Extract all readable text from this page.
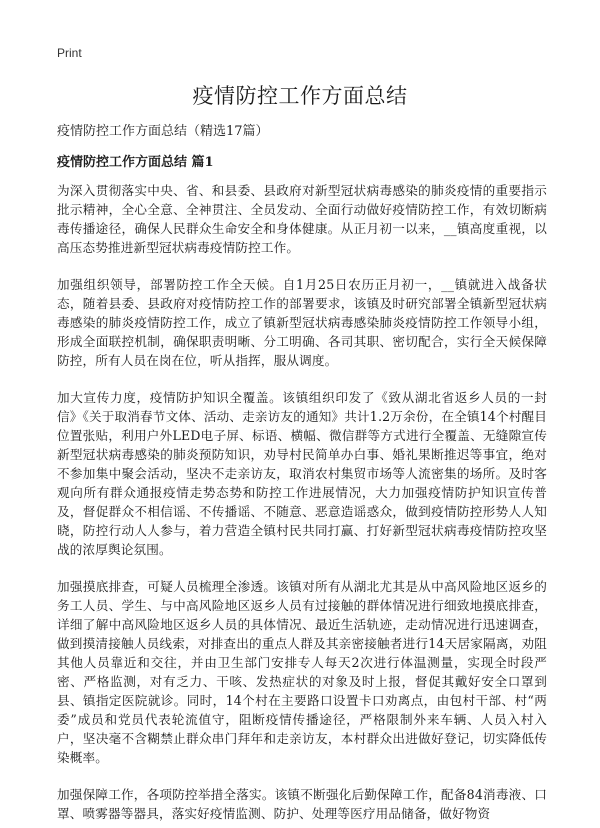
Print
疫情防控工作方面总结

疫情防控工作方面总结（精选17篇）

疫情防控工作方面总结 篇1

为深入贯彻落实中央、省、和县委、县政府对新型冠状病毒感染的肺炎疫情的重要指示批示精神，全心全意、全神贯注、全员发动、全面行动做好疫情防控工作，有效切断病毒传播途径，确保人民群众生命安全和身体健康。从正月初一以来，__镇高度重视，以高压态势推进新型冠状病毒疫情防控工作。

加强组织领导，部署防控工作全天候。自1月25日农历正月初一，__镇就进入战备状态，随着县委、县政府对疫情防控工作的部署要求，该镇及时研究部署全镇新型冠状病毒感染的肺炎疫情防控工作，成立了镇新型冠状病毒感染肺炎疫情防控工作领导小组，形成全面联控机制，确保职责明晰、分工明确、各司其职、密切配合，实行全天候保障防控，所有人员在岗在位，听从指挥，服从调度。

加大宣传力度，疫情防护知识全覆盖。该镇组织印发了《致从湖北省返乡人员的一封信》《关于取消春节文体、活动、走亲访友的通知》共计1.2万余份，在全镇14个村醒目位置张贴，利用户外LED电子屏、标语、横幅、微信群等方式进行全覆盖、无缝隙宣传新型冠状病毒感染的肺炎预防知识，劝导村民简单办白事、婚礼果断推迟等事宜，绝对不参加集中聚会活动，坚决不走亲访友，取消农村集贸市场等人流密集的场所。及时客观向所有群众通报疫情走势态势和防控工作进展情况，大力加强疫情防护知识宣传普及，督促群众不相信谣、不传播谣、不随意、恶意造谣惑众，做到疫情防控形势人人知晓，防控行动人人参与，着力营造全镇村民共同打赢、打好新型冠状病毒疫情防控攻坚战的浓厚舆论氛围。

加强摸底排查，可疑人员梳理全渗透。该镇对所有从湖北尤其是从中高风险地区返乡的务工人员、学生、与中高风险地区返乡人员有过接触的群体情况进行细致地摸底排查，详细了解中高风险地区返乡人员的具体情况、最近生活轨迹，走动情况进行迅速调查，做到摸清接触人员线索，对排查出的重点人群及其亲密接触者进行14天居家隔离，劝阻其他人员靠近和交往，并由卫生部门安排专人每天2次进行体温测量，实现全时段严密、严格监测，对有乏力、干咳、发热症状的对象及时上报，督促其戴好安全口罩到县、镇指定医院就诊。同时，14个村在主要路口设置卡口劝离点，由包村干部、村“两委”成员和党员代表轮流值守，阻断疫情传播途径，严格限制外来车辆、人员入村入户，坚决毫不含糊禁止群众串门拜年和走亲访友，本村群众出进做好登记，切实降低传染概率。

加强保障工作，各项防控举措全落实。该镇不断强化后勤保障工作，配备84消毒液、口罩、喷雾器等器具，落实好疫情监测、防护、处理等医疗用品储备，做好物资
